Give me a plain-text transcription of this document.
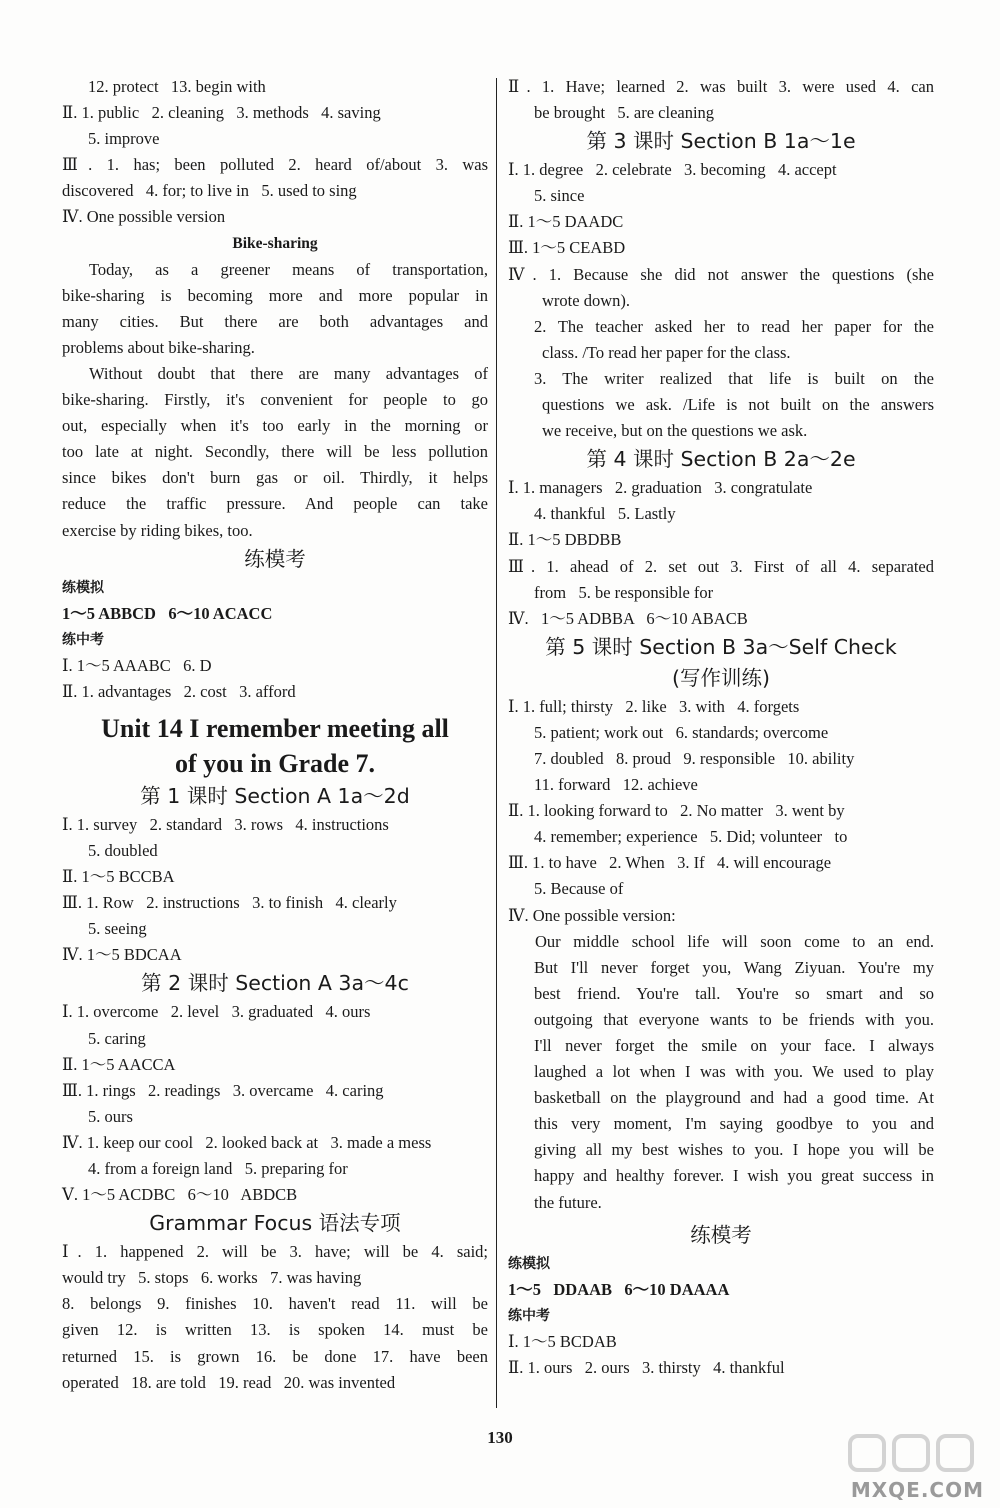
12. protect   13. begin with
Ⅱ. 1. public   2. cleaning   3. methods   4. saving
5. improve
Ⅲ. 1. has; been polluted 2. heard of/about 3. was
discovered   4. for; to live in   5. used to sing
Ⅳ. One possible version
Bike-sharing
Today, as a greener means of transportation,
bike-sharing is becoming more and more popular in
many cities. But there are both advantages and
problems about bike-sharing.
Without doubt that there are many advantages of
bike-sharing. Firstly, it's convenient for people to go
out, especially when it's too early in the morning or
too late at night. Secondly, there will be less pollution
since bikes don't burn gas or oil. Thirdly, it helps
reduce the traffic pressure. And people can take
exercise by riding bikes, too.
练模考
练模拟
1～5 ABBCD   6～10 ACACC
练中考
Ⅰ. 1～5 AAABC   6. D
Ⅱ. 1. advantages   2. cost   3. afford
Unit 14 I remember meeting all
of you in Grade 7.
第 1 课时 Section A 1a～2d
Ⅰ. 1. survey   2. standard   3. rows   4. instructions
5. doubled
Ⅱ. 1～5 BCCBA
Ⅲ. 1. Row   2. instructions   3. to finish   4. clearly
5. seeing
Ⅳ. 1～5 BDCAA
第 2 课时 Section A 3a～4c
Ⅰ. 1. overcome   2. level   3. graduated   4. ours
5. caring
Ⅱ. 1～5 AACCA
Ⅲ. 1. rings   2. readings   3. overcame   4. caring
5. ours
Ⅳ. 1. keep our cool   2. looked back at   3. made a mess
4. from a foreign land   5. preparing for
Ⅴ. 1～5 ACDBC   6～10   ABDCB
Grammar Focus 语法专项
Ⅰ. 1. happened 2. will be 3. have; will be 4. said;
would try   5. stops   6. works   7. was having
8. belongs 9. finishes 10. haven't read 11. will be
given 12. is written 13. is spoken 14. must be
returned 15. is grown 16. be done 17. have been
operated   18. are told   19. read   20. was invented
Ⅱ. 1. Have; learned 2. was built 3. were used 4. can
be brought   5. are cleaning
第 3 课时 Section B 1a～1e
Ⅰ. 1. degree   2. celebrate   3. becoming   4. accept
5. since
Ⅱ. 1～5 DAADC
Ⅲ. 1～5 CEABD
Ⅳ. 1. Because she did not answer the questions (she
wrote down).
2. The teacher asked her to read her paper for the
class. /To read her paper for the class.
3. The writer realized that life is built on the
questions we ask. /Life is not built on the answers
we receive, but on the questions we ask.
第 4 课时 Section B 2a～2e
Ⅰ. 1. managers   2. graduation   3. congratulate
4. thankful   5. Lastly
Ⅱ. 1～5 DBDBB
Ⅲ. 1. ahead of 2. set out 3. First of all 4. separated
from   5. be responsible for
Ⅳ.   1～5 ADBBA   6～10 ABACB
第 5 课时 Section B 3a～Self Check
(写作训练)
Ⅰ. 1. full; thirsty   2. like   3. with   4. forgets
5. patient; work out   6. standards; overcome
7. doubled   8. proud   9. responsible   10. ability
11. forward   12. achieve
Ⅱ. 1. looking forward to   2. No matter   3. went by
4. remember; experience   5. Did; volunteer   to
Ⅲ. 1. to have   2. When   3. If   4. will encourage
5. Because of
Ⅳ. One possible version:
Our middle school life will soon come to an end.
But I'll never forget you, Wang Ziyuan. You're my
best friend. You're tall. You're so smart and so
outgoing that everyone wants to be friends with you.
I'll never forget the smile on your face. I always
laughed a lot when I was with you. We used to play
basketball on the playground and had a good time. At
this very moment, I'm saying goodbye to you and
giving all my best wishes to you. I hope you will be
happy and healthy forever. I wish you great success in
the future.
练模考
练模拟
1～5   DDAAB   6～10 DAAAA
练中考
Ⅰ. 1～5 BCDAB
Ⅱ. 1. ours   2. ours   3. thirsty   4. thankful
130
MXQE.COM
